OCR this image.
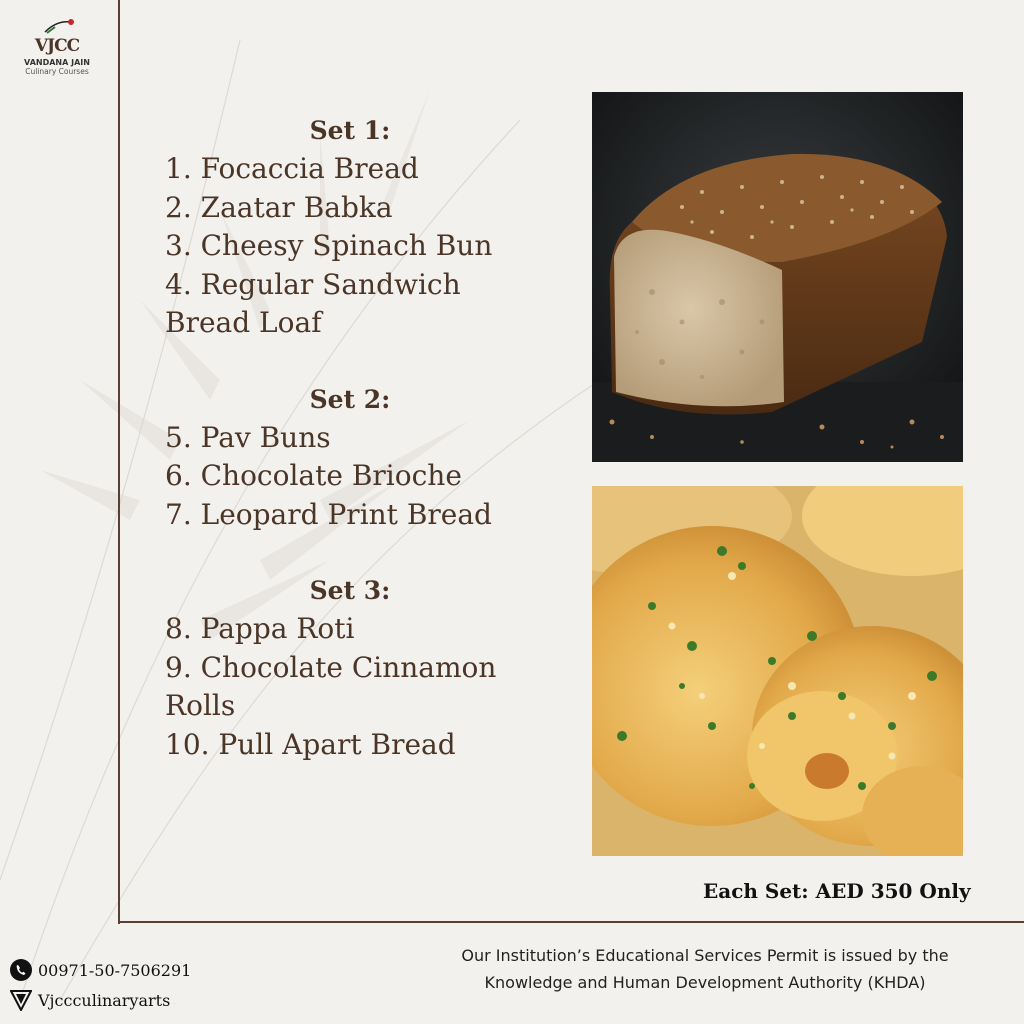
VJCC
VANDANA JAIN
Culinary Courses
Set 1:
1. Focaccia Bread
2. Zaatar Babka
3. Cheesy Spinach Bun
4. Regular Sandwich
Bread Loaf
Set 2:
5. Pav Buns
6. Chocolate Brioche
7. Leopard Print Bread
Set 3:
8. Pappa Roti
9. Chocolate Cinnamon
Rolls
10. Pull Apart Bread
Each Set: AED 350 Only
00971-50-7506291
Vjccculinaryarts
Our Institution’s Educational Services Permit is issued by the
Knowledge and Human Development Authority (KHDA)
